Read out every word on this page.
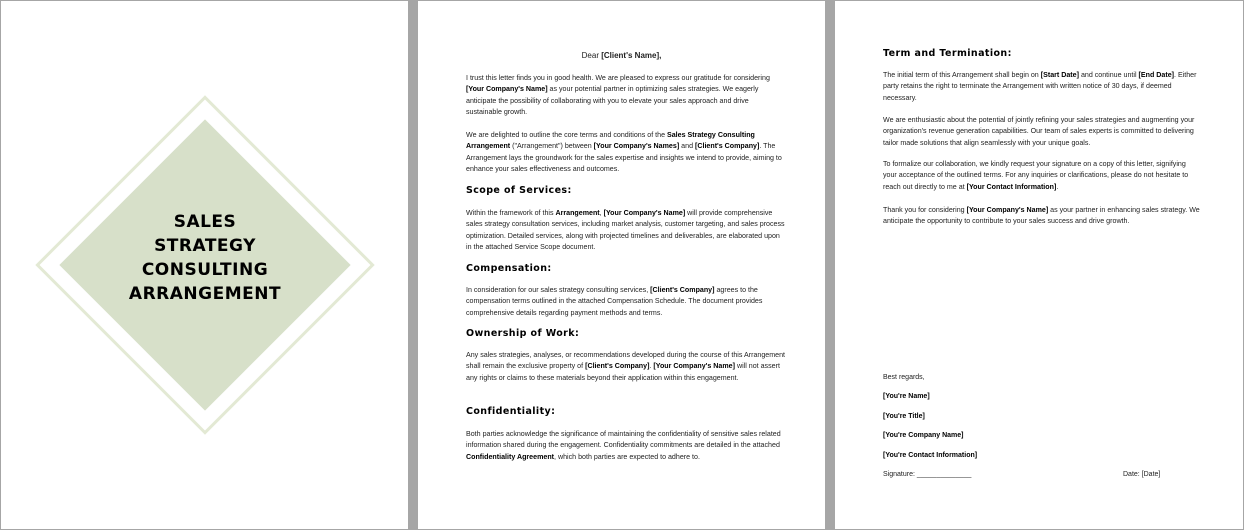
SALES
STRATEGY
CONSULTING
ARRANGEMENT
Dear [Client's Name],

I trust this letter finds you in good health. We are pleased to express our gratitude for considering [Your Company's Name] as your potential partner in optimizing sales strategies. We eagerly anticipate the possibility of collaborating with you to elevate your sales approach and drive sustainable growth.

We are delighted to outline the core terms and conditions of the Sales Strategy Consulting Arrangement ("Arrangement") between [Your Company's Names] and [Client's Company]. The Arrangement lays the groundwork for the sales expertise and insights we intend to provide, aiming to enhance your sales effectiveness and outcomes.

Scope of Services:

Within the framework of this Arrangement, [Your Company's Name] will provide comprehensive sales strategy consultation services, including market analysis, customer targeting, and sales process optimization. Detailed services, along with projected timelines and deliverables, are elaborated upon in the attached Service Scope document.

Compensation:

In consideration for our sales strategy consulting services, [Client's Company] agrees to the compensation terms outlined in the attached Compensation Schedule. The document provides comprehensive details regarding payment methods and terms.

Ownership of Work:

Any sales strategies, analyses, or recommendations developed during the course of this Arrangement shall remain the exclusive property of [Client's Company]. [Your Company's Name] will not assert any rights or claims to these materials beyond their application within this engagement.

Confidentiality:

Both parties acknowledge the significance of maintaining the confidentiality of sensitive sales related information shared during the engagement. Confidentiality commitments are detailed in the attached Confidentiality Agreement, which both parties are expected to adhere to.

Term and Termination:

The initial term of this Arrangement shall begin on [Start Date] and continue until [End Date]. Either party retains the right to terminate the Arrangement with written notice of 30 days, if deemed necessary.

We are enthusiastic about the potential of jointly refining your sales strategies and augmenting your organization's revenue generation capabilities. Our team of sales experts is committed to delivering tailor made solutions that align seamlessly with your unique goals.

To formalize our collaboration, we kindly request your signature on a copy of this letter, signifying your acceptance of the outlined terms. For any inquiries or clarifications, please do not hesitate to reach out directly to me at [Your Contact Information].

Thank you for considering [Your Company's Name] as your partner in enhancing sales strategy. We anticipate the opportunity to contribute to your sales success and drive growth.

Best regards,
[You're Name]
[You're Title]
[You're Company Name]
[You're Contact Information]
Signature: ______________	Date: [Date]
